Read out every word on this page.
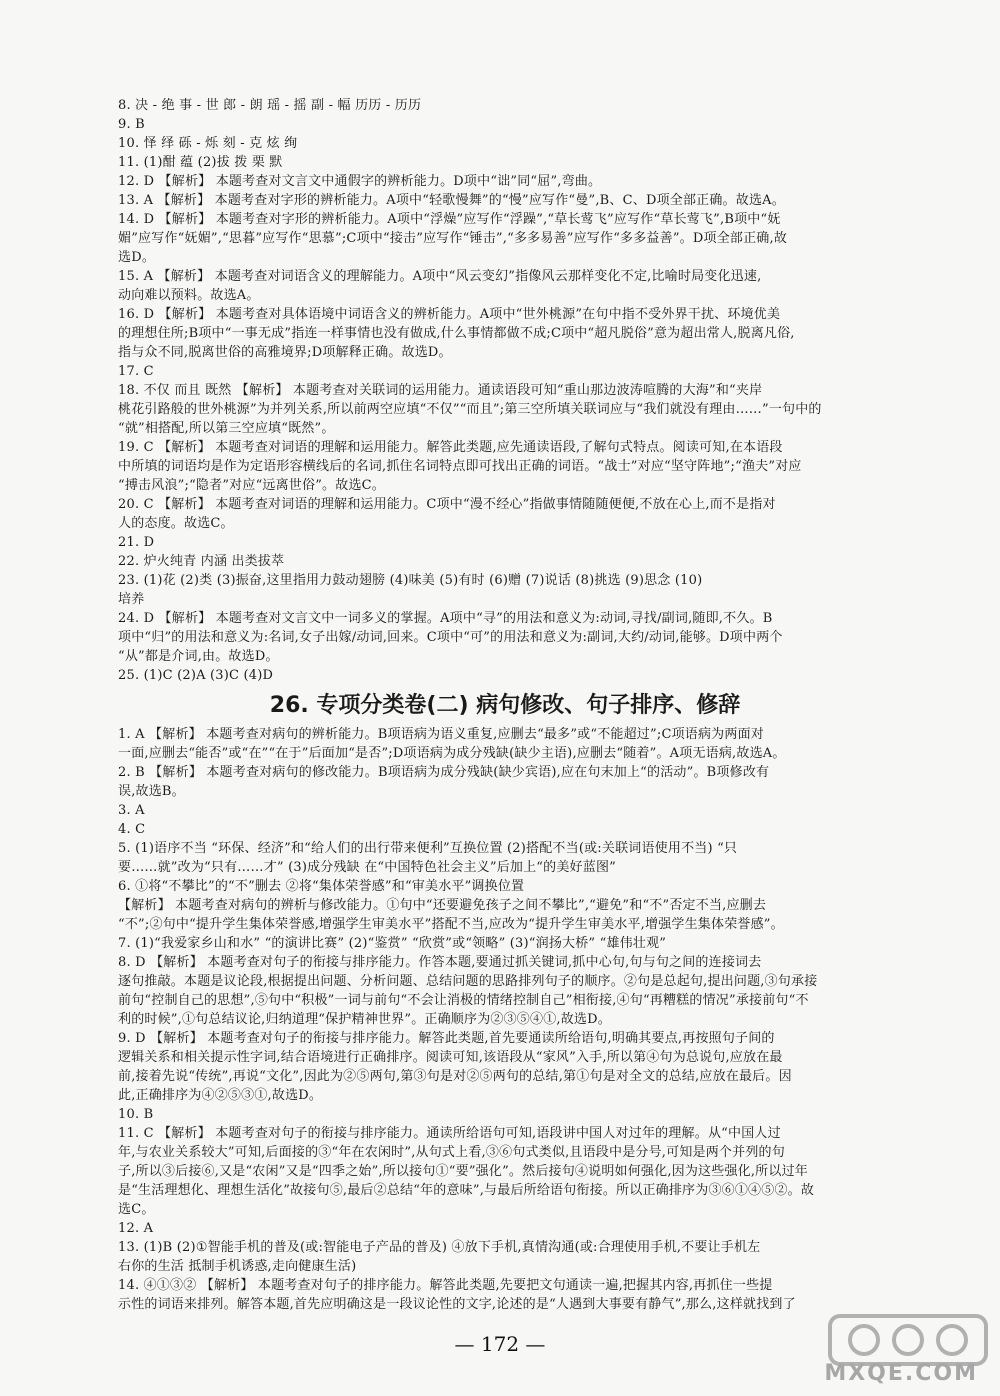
8. 决 - 绝 事 - 世 郎 - 朗 瑶 - 摇 副 - 幅 历历 - 历历
9. B
10. 怿 绎 砾 - 烁 刻 - 克 炫 绚
11. (1)酣 蕴 (2)拔 拨 栗 默
12. D 【解析】 本题考查对文言文中通假字的辨析能力。D项中“诎”同“屈”,弯曲。
13. A 【解析】 本题考查对字形的辨析能力。A项中“轻歌慢舞”的“慢”应写作“曼”,B、C、D项全部正确。故选A。
14. D 【解析】 本题考查对字形的辨析能力。A项中“浮燥”应写作“浮躁”,“草长莺飞”应写作“草长莺飞”,B项中“妩
媚”应写作“妩媚”,“思暮”应写作“思慕”;C项中“接击”应写作“锤击”,“多多易善”应写作“多多益善”。D项全部正确,故
选D。
15. A 【解析】 本题考查对词语含义的理解能力。A项中“风云变幻”指像风云那样变化不定,比喻时局变化迅速,
动向难以预料。故选A。
16. D 【解析】 本题考查对具体语境中词语含义的辨析能力。A项中“世外桃源”在句中指不受外界干扰、环境优美
的理想住所;B项中“一事无成”指连一样事情也没有做成,什么事情都做不成;C项中“超凡脱俗”意为超出常人,脱离凡俗,
指与众不同,脱离世俗的高雅境界;D项解释正确。故选D。
17. C
18. 不仅 而且 既然 【解析】 本题考查对关联词的运用能力。通读语段可知“重山那边波涛喧腾的大海”和“夹岸
桃花引路般的世外桃源”为并列关系,所以前两空应填“不仅”“而且”;第三空所填关联词应与“我们就没有理由……”一句中的
“就”相搭配,所以第三空应填“既然”。
19. C 【解析】 本题考查对词语的理解和运用能力。解答此类题,应先通读语段,了解句式特点。阅读可知,在本语段
中所填的词语均是作为定语形容横线后的名词,抓住名词特点即可找出正确的词语。“战士”对应“坚守阵地”;“渔夫”对应
“搏击风浪”;“隐者”对应“远离世俗”。故选C。
20. C 【解析】 本题考查对词语的理解和运用能力。C项中“漫不经心”指做事情随随便便,不放在心上,而不是指对
人的态度。故选C。
21. D
22. 炉火纯青 内涵 出类拔萃
23. (1)花 (2)类 (3)振奋,这里指用力鼓动翅膀 (4)味美 (5)有时 (6)赠 (7)说话 (8)挑选 (9)思念 (10)
培养
24. D 【解析】 本题考查对文言文中一词多义的掌握。A项中“寻”的用法和意义为:动词,寻找/副词,随即,不久。B
项中“归”的用法和意义为:名词,女子出嫁/动词,回来。C项中“可”的用法和意义为:副词,大约/动词,能够。D项中两个
“从”都是介词,由。故选D。
25. (1)C (2)A (3)C (4)D
26. 专项分类卷(二) 病句修改、句子排序、修辞
1. A 【解析】 本题考查对病句的辨析能力。B项语病为语义重复,应删去“最多”或“不能超过”;C项语病为两面对
一面,应删去“能否”或“在”“在于”后面加“是否”;D项语病为成分残缺(缺少主语),应删去“随着”。A项无语病,故选A。
2. B 【解析】 本题考查对病句的修改能力。B项语病为成分残缺(缺少宾语),应在句末加上“的活动”。B项修改有
误,故选B。
3. A
4. C
5. (1)语序不当 “环保、经济”和“给人们的出行带来便利”互换位置 (2)搭配不当(或:关联词语使用不当) “只
要……就”改为“只有……才” (3)成分残缺 在“中国特色社会主义”后加上“的美好蓝图”
6. ①将“不攀比”的“不”删去 ②将“集体荣誉感”和“审美水平”调换位置
【解析】 本题考查对病句的辨析与修改能力。①句中“还要避免孩子之间不攀比”,“避免”和“不”否定不当,应删去
“不”;②句中“提升学生集体荣誉感,增强学生审美水平”搭配不当,应改为“提升学生审美水平,增强学生集体荣誉感”。
7. (1)“我爱家乡山和水” “的演讲比赛” (2)“鉴赏” “欣赏”或“领略” (3)“润扬大桥” “雄伟壮观”
8. D 【解析】 本题考查对句子的衔接与排序能力。作答本题,要通过抓关键词,抓中心句,句与句之间的连接词去
逐句推敲。本题是议论段,根据提出问题、分析问题、总结问题的思路排列句子的顺序。②句是总起句,提出问题,③句承接
前句“控制自己的思想”,⑤句中“积极”一词与前句“不会让消极的情绪控制自己”相衔接,④句“再糟糕的情况”承接前句“不
利的时候”,①句总结议论,归纳道理“保护精神世界”。正确顺序为②③⑤④①,故选D。
9. D 【解析】 本题考查对句子的衔接与排序能力。解答此类题,首先要通读所给语句,明确其要点,再按照句子间的
逻辑关系和相关提示性字词,结合语境进行正确排序。阅读可知,该语段从“家风”入手,所以第④句为总说句,应放在最
前,接着先说“传统”,再说“文化”,因此为②⑤两句,第③句是对②⑤两句的总结,第①句是对全文的总结,应放在最后。因
此,正确排序为④②⑤③①,故选D。
10. B
11. C 【解析】 本题考查对句子的衔接与排序能力。通读所给语句可知,语段讲中国人对过年的理解。从“中国人过
年,与农业关系较大”可知,后面接的③“年在农闲时”,从句式上看,③⑥句式类似,且语段中是分号,可知是两个并列的句
子,所以③后接⑥,又是“农闲”又是“四季之始”,所以接句①“要”强化”。然后接句④说明如何强化,因为这些强化,所以过年
是“生活理想化、理想生活化”故接句⑤,最后②总结“年的意味”,与最后所给语句衔接。所以正确排序为③⑥①④⑤②。故
选C。
12. A
13. (1)B (2)①智能手机的普及(或:智能电子产品的普及) ④放下手机,真情沟通(或:合理使用手机,不要让手机左
右你的生活 抵制手机诱惑,走向健康生活)
14. ④①③② 【解析】 本题考查对句子的排序能力。解答此类题,先要把文句通读一遍,把握其内容,再抓住一些提
示性的词语来排列。解答本题,首先应明确这是一段议论性的文字,论述的是“人遇到大事要有静气”,那么,这样就找到了
— 172 —
MXQE.COM
